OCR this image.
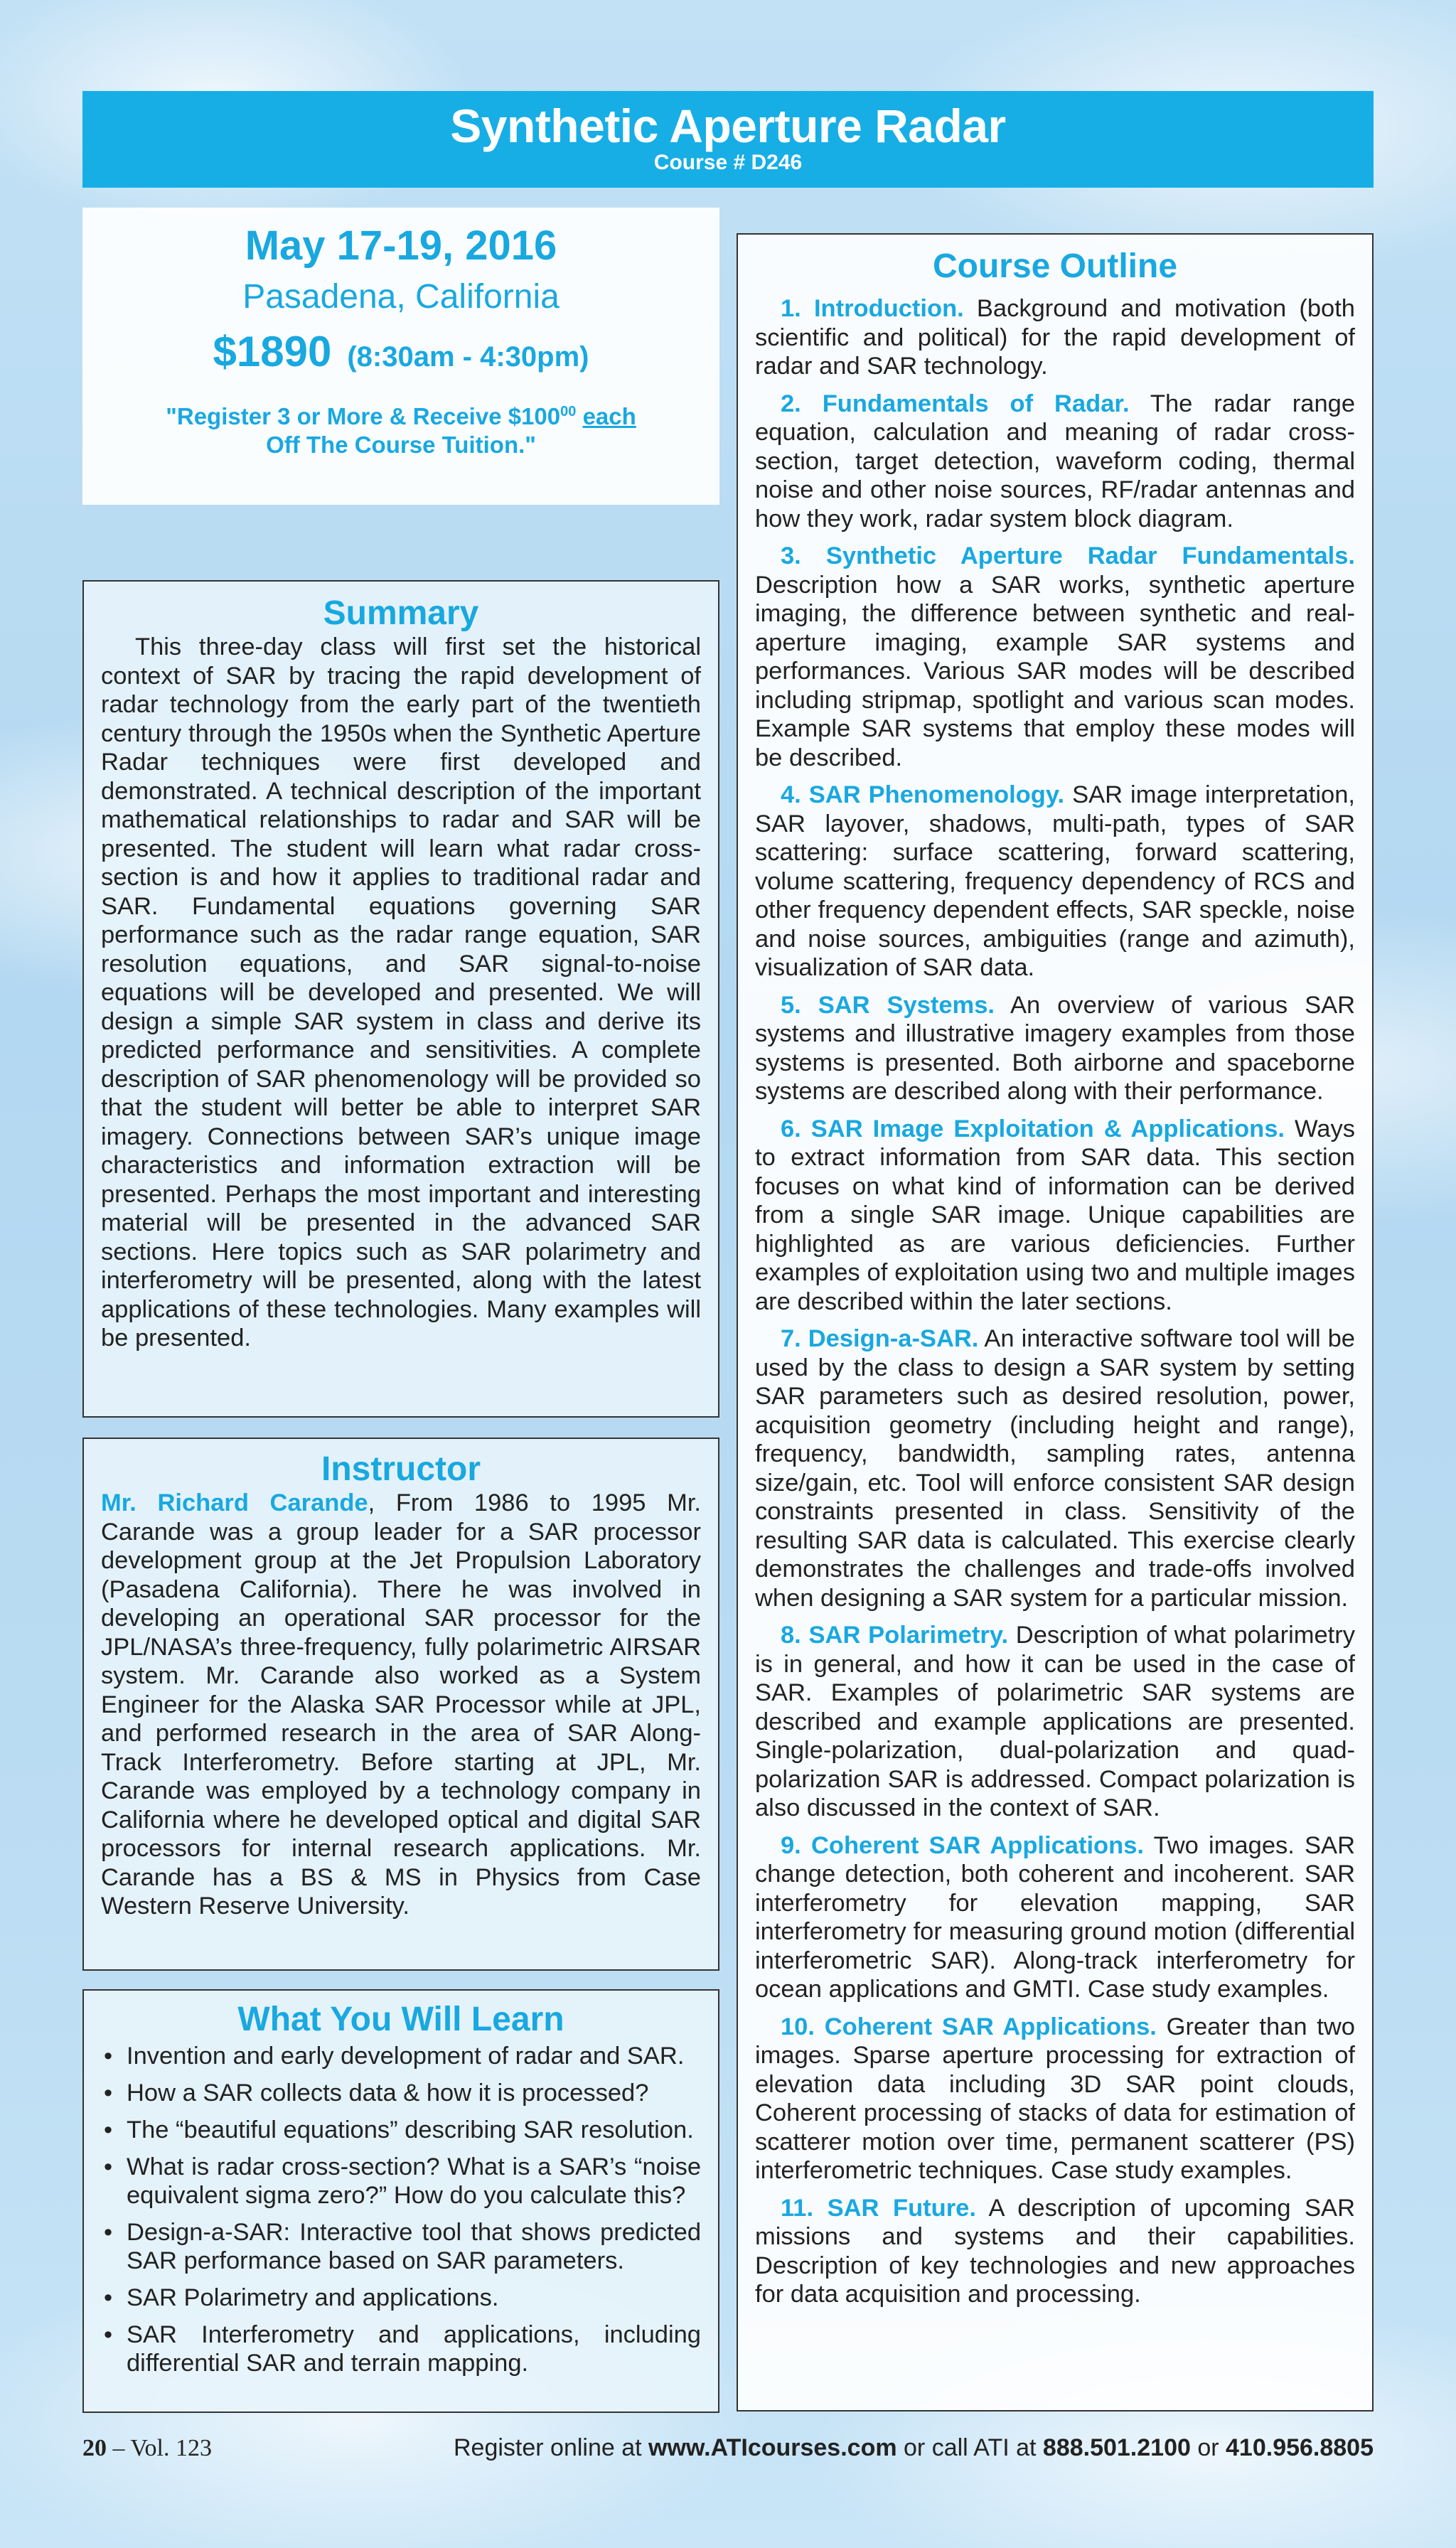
Synthetic Aperture Radar
Course # D246
May 17-19, 2016
Pasadena, California
$1890 (8:30am - 4:30pm)
"Register 3 or More & Receive $\$100^{00}$ each
Off The Course Tuition."
Summary
This three-day class will first set the historical context of SAR by tracing the rapid development of radar technology from the early part of the twentieth century through the 1950s when the Synthetic Aperture Radar techniques were first developed and demonstrated. A technical description of the important mathematical relationships to radar and SAR will be presented. The student will learn what radar cross-section is and how it applies to traditional radar and SAR. Fundamental equations governing SAR performance such as the radar range equation, SAR resolution equations, and SAR signal-to-noise equations will be developed and presented. We will design a simple SAR system in class and derive its predicted performance and sensitivities. A complete description of SAR phenomenology will be provided so that the student will better be able to interpret SAR imagery. Connections between SAR’s unique image characteristics and information extraction will be presented. Perhaps the most important and interesting material will be presented in the advanced SAR sections. Here topics such as SAR polarimetry and interferometry will be presented, along with the latest applications of these technologies. Many examples will be presented.
Instructor
Mr. Richard Carande, From 1986 to 1995 Mr. Carande was a group leader for a SAR processor development group at the Jet Propulsion Laboratory (Pasadena California). There he was involved in developing an operational SAR processor for the JPL/NASA’s three-frequency, fully polarimetric AIRSAR system. Mr. Carande also worked as a System Engineer for the Alaska SAR Processor while at JPL, and performed research in the area of SAR Along-Track Interferometry. Before starting at JPL, Mr. Carande was employed by a technology company in California where he developed optical and digital SAR processors for internal research applications. Mr. Carande has a BS & MS in Physics from Case Western Reserve University.
What You Will Learn
• Invention and early development of radar and SAR.
• How a SAR collects data & how it is processed?
• The “beautiful equations” describing SAR resolution.
• What is radar cross-section? What is a SAR’s “noise equivalent sigma zero?” How do you calculate this?
• Design-a-SAR: Interactive tool that shows predicted SAR performance based on SAR parameters.
• SAR Polarimetry and applications.
• SAR Interferometry and applications, including differential SAR and terrain mapping.
Course Outline
1. Introduction. Background and motivation (both scientific and political) for the rapid development of radar and SAR technology.
2. Fundamentals of Radar. The radar range equation, calculation and meaning of radar cross-section, target detection, waveform coding, thermal noise and other noise sources, RF/radar antennas and how they work, radar system block diagram.
3. Synthetic Aperture Radar Fundamentals. Description how a SAR works, synthetic aperture imaging, the difference between synthetic and real-aperture imaging, example SAR systems and performances. Various SAR modes will be described including stripmap, spotlight and various scan modes. Example SAR systems that employ these modes will be described.
4. SAR Phenomenology. SAR image interpretation, SAR layover, shadows, multi-path, types of SAR scattering: surface scattering, forward scattering, volume scattering, frequency dependency of RCS and other frequency dependent effects, SAR speckle, noise and noise sources, ambiguities (range and azimuth), visualization of SAR data.
5. SAR Systems. An overview of various SAR systems and illustrative imagery examples from those systems is presented. Both airborne and spaceborne systems are described along with their performance.
6. SAR Image Exploitation & Applications. Ways to extract information from SAR data. This section focuses on what kind of information can be derived from a single SAR image. Unique capabilities are highlighted as are various deficiencies. Further examples of exploitation using two and multiple images are described within the later sections.
7. Design-a-SAR. An interactive software tool will be used by the class to design a SAR system by setting SAR parameters such as desired resolution, power, acquisition geometry (including height and range), frequency, bandwidth, sampling rates, antenna size/gain, etc. Tool will enforce consistent SAR design constraints presented in class. Sensitivity of the resulting SAR data is calculated. This exercise clearly demonstrates the challenges and trade-offs involved when designing a SAR system for a particular mission.
8. SAR Polarimetry. Description of what polarimetry is in general, and how it can be used in the case of SAR. Examples of polarimetric SAR systems are described and example applications are presented. Single-polarization, dual-polarization and quad-polarization SAR is addressed. Compact polarization is also discussed in the context of SAR.
9. Coherent SAR Applications. Two images. SAR change detection, both coherent and incoherent. SAR interferometry for elevation mapping, SAR interferometry for measuring ground motion (differential interferometric SAR). Along-track interferometry for ocean applications and GMTI. Case study examples.
10. Coherent SAR Applications. Greater than two images. Sparse aperture processing for extraction of elevation data including 3D SAR point clouds, Coherent processing of stacks of data for estimation of scatterer motion over time, permanent scatterer (PS) interferometric techniques. Case study examples.
11. SAR Future. A description of upcoming SAR missions and systems and their capabilities. Description of key technologies and new approaches for data acquisition and processing.
20 – Vol. 123	Register online at www.ATIcourses.com or call ATI at 888.501.2100 or 410.956.8805
